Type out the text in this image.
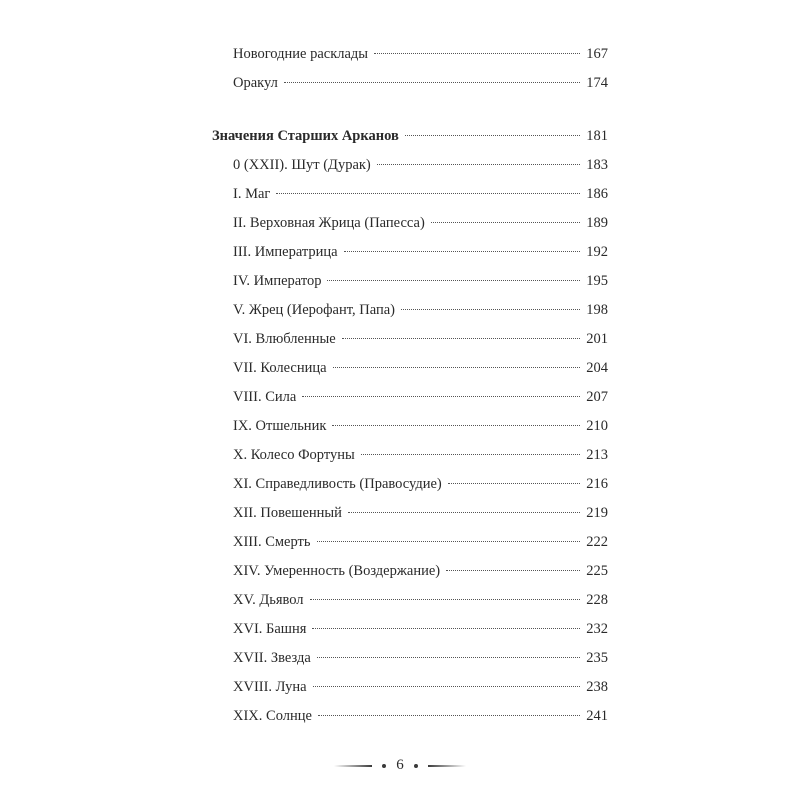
Новогодние расклады	167
Оракул	174
Значения Старших Арканов	181
0 (XXII). Шут (Дурак)	183
I. Маг	186
II. Верховная Жрица (Папесса)	189
III. Императрица	192
IV. Император	195
V. Жрец (Иерофант, Папа)	198
VI. Влюбленные	201
VII. Колесница	204
VIII. Сила	207
IX. Отшельник	210
X. Колесо Фортуны	213
XI. Справедливость (Правосудие)	216
XII. Повешенный	219
XIII. Смерть	222
XIV. Умеренность (Воздержание)	225
XV. Дьявол	228
XVI. Башня	232
XVII. Звезда	235
XVIII. Луна	238
XIX. Солнце	241
6
